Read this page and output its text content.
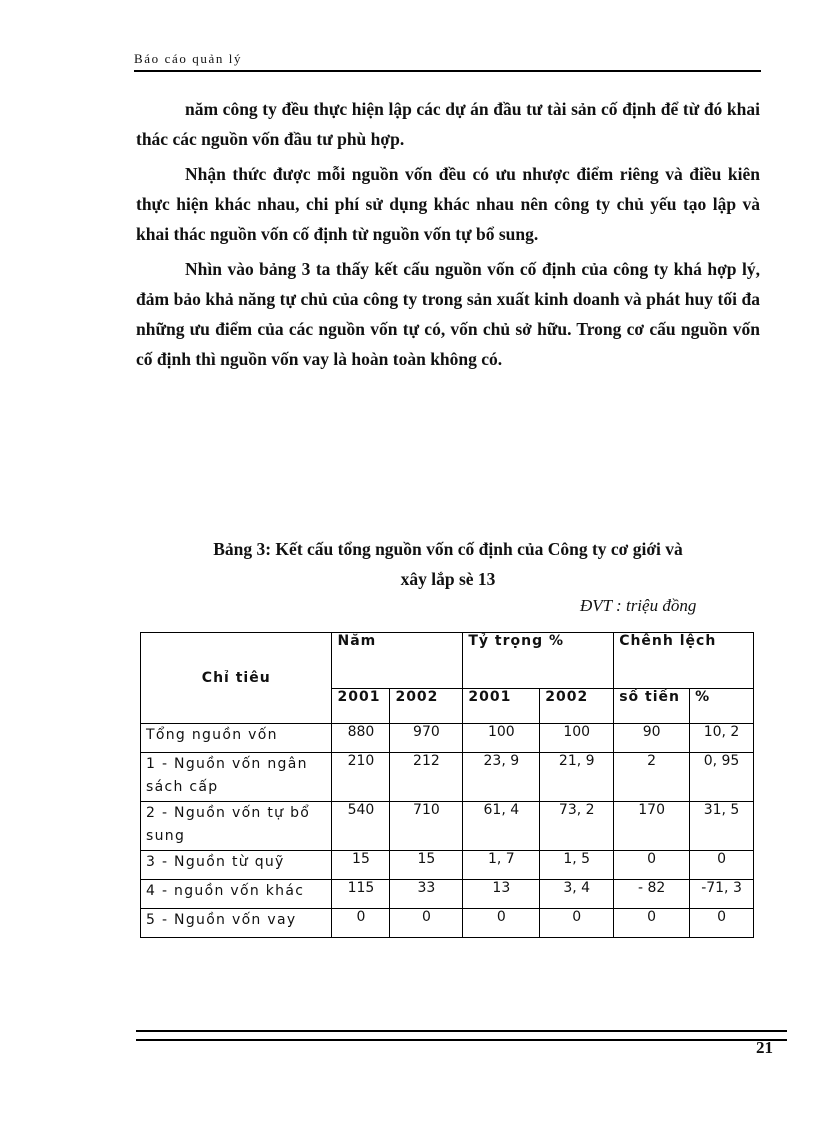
Báo cáo quản lý

năm công ty đều thực hiện lập các dự án đầu tư tài sản cố định để từ đó khai thác các nguồn vốn đầu tư phù hợp.

Nhận thức được mỗi nguồn vốn đều có ưu nhược điểm riêng và điều kiên thực hiện khác nhau, chi phí sử dụng khác nhau nên công ty chủ yếu tạo lập và khai thác nguồn vốn cố định từ nguồn vốn tự bổ sung.

Nhìn vào bảng 3 ta thấy kết cấu nguồn vốn cố định của công ty khá hợp lý, đảm bảo khả năng tự chủ của công ty trong sản xuất kinh doanh và phát huy tối đa những ưu điểm của các nguồn vốn tự có, vốn chủ sở hữu. Trong cơ cấu nguồn vốn cố định thì nguồn vốn vay là hoàn toàn không có.

Bảng 3: Kết cấu tổng nguồn vốn cố định của Công ty cơ giới và
xây lắp sè 13
ĐVT : triệu đồng
Chỉ tiêu	Năm		Tỷ trọng %		Chênh lệch	
	2001	2002	2001	2002	số tiền	%
Tổng nguồn vốn	880	970	100	100	90	10, 2
1 - Nguồn vốn ngân sách cấp	210	212	23, 9	21, 9	2	0, 95
2 - Nguồn vốn tự bổ sung	540	710	61, 4	73, 2	170	31, 5
3 - Nguồn từ quỹ	15	15	1, 7	1, 5	0	0
4 - nguồn vốn khác	115	33	13	3, 4	- 82	-71, 3
5 - Nguồn vốn vay	0	0	0	0	0	0
21
